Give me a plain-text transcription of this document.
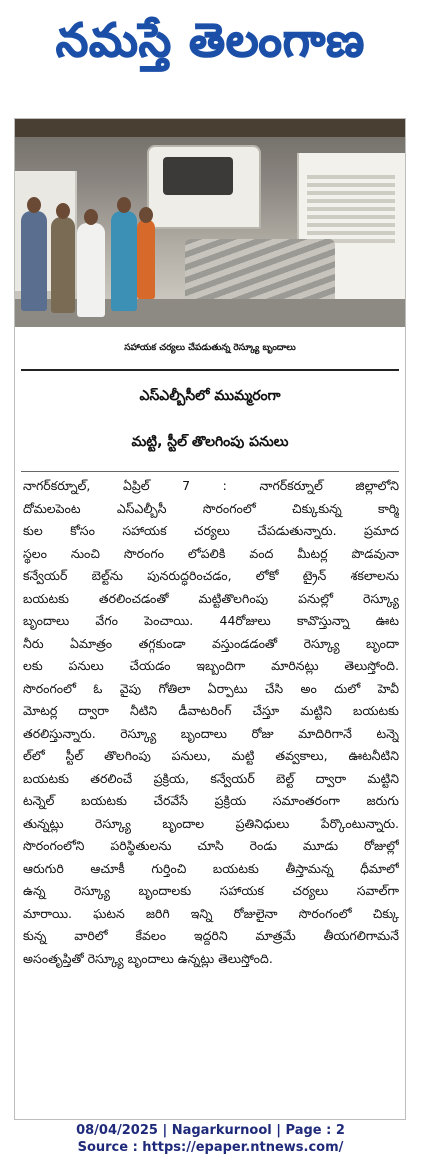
నమస్తే తెలంగాణ
సహాయక చర్యలు చేపడుతున్న రెస్క్యూ బృందాలు
ఎస్ఎల్బీసీలో ముమ్మరంగా
మట్టి, స్టీల్ తొలగింపు పనులు
నాగర్‌కర్నూల్, ఏప్రిల్ 7 : నాగర్‌కర్నూల్ జిల్లాలోని
దోమలపెంట ఎస్ఎల్బీసీ సొరంగంలో చిక్కుకున్న కార్మి
కుల కోసం సహాయక చర్యలు చేపడుతున్నారు. ప్రమాద
స్థలం నుంచి సొరంగం లోపలికి వంద మీటర్ల పొడవునా
కన్వేయర్ బెల్ట్‌ను పునరుద్ధరించడం, లోకో ట్రైన్ శకలాలను
బయటకు తరలించడంతో మట్టితొలగింపు పనుల్లో రెస్క్యూ
బృందాలు వేగం పెంచాయి. 44రోజులు కావొస్తున్నా ఊట
నీరు ఏమాత్రం తగ్గకుండా వస్తుండడంతో రెస్క్యూ బృందా
లకు పనులు చేయడం ఇబ్బందిగా మారినట్లు తెలుస్తోంది.
సొరంగంలో ఓ వైపు గోతిలా ఏర్పాటు చేసి అం దులో హెవీ
మోటర్ల ద్వారా నీటిని డీవాటరింగ్ చేస్తూ మట్టిని బయటకు
తరలిస్తున్నారు. రెస్క్యూ బృందాలు రోజు మాదిరిగానే టన్నె
ల్‌లో స్టీల్ తొలగింపు పనులు, మట్టి తవ్వకాలు, ఊటనీటిని
బయటకు తరలించే ప్రక్రియ, కన్వేయర్ బెల్ట్ ద్వారా మట్టిని
టన్నెల్ బయటకు చేరవేసే ప్రక్రియ సమాంతరంగా జరుగు
తున్నట్లు రెస్క్యూ బృందాల ప్రతినిధులు పేర్కొంటున్నారు.
సొరంగంలోని పరిస్థితులను చూసి రెండు మూడు రోజుల్లో
ఆరుగురి ఆచూకీ గుర్తించి బయటకు తీస్తామన్న ధీమాలో
ఉన్న రెస్క్యూ బృందాలకు సహాయక చర్యలు సవాల్‌గా
మారాయి. ఘటన జరిగి ఇన్ని రోజులైనా సొరంగంలో చిక్కు
కున్న వారిలో కేవలం ఇద్దరిని మాత్రమే తీయగలిగామనే
అసంతృప్తితో రెస్క్యూ బృందాలు ఉన్నట్లు తెలుస్తోంది.
08/04/2025 | Nagarkurnool | Page : 2
Source : https://epaper.ntnews.com/
